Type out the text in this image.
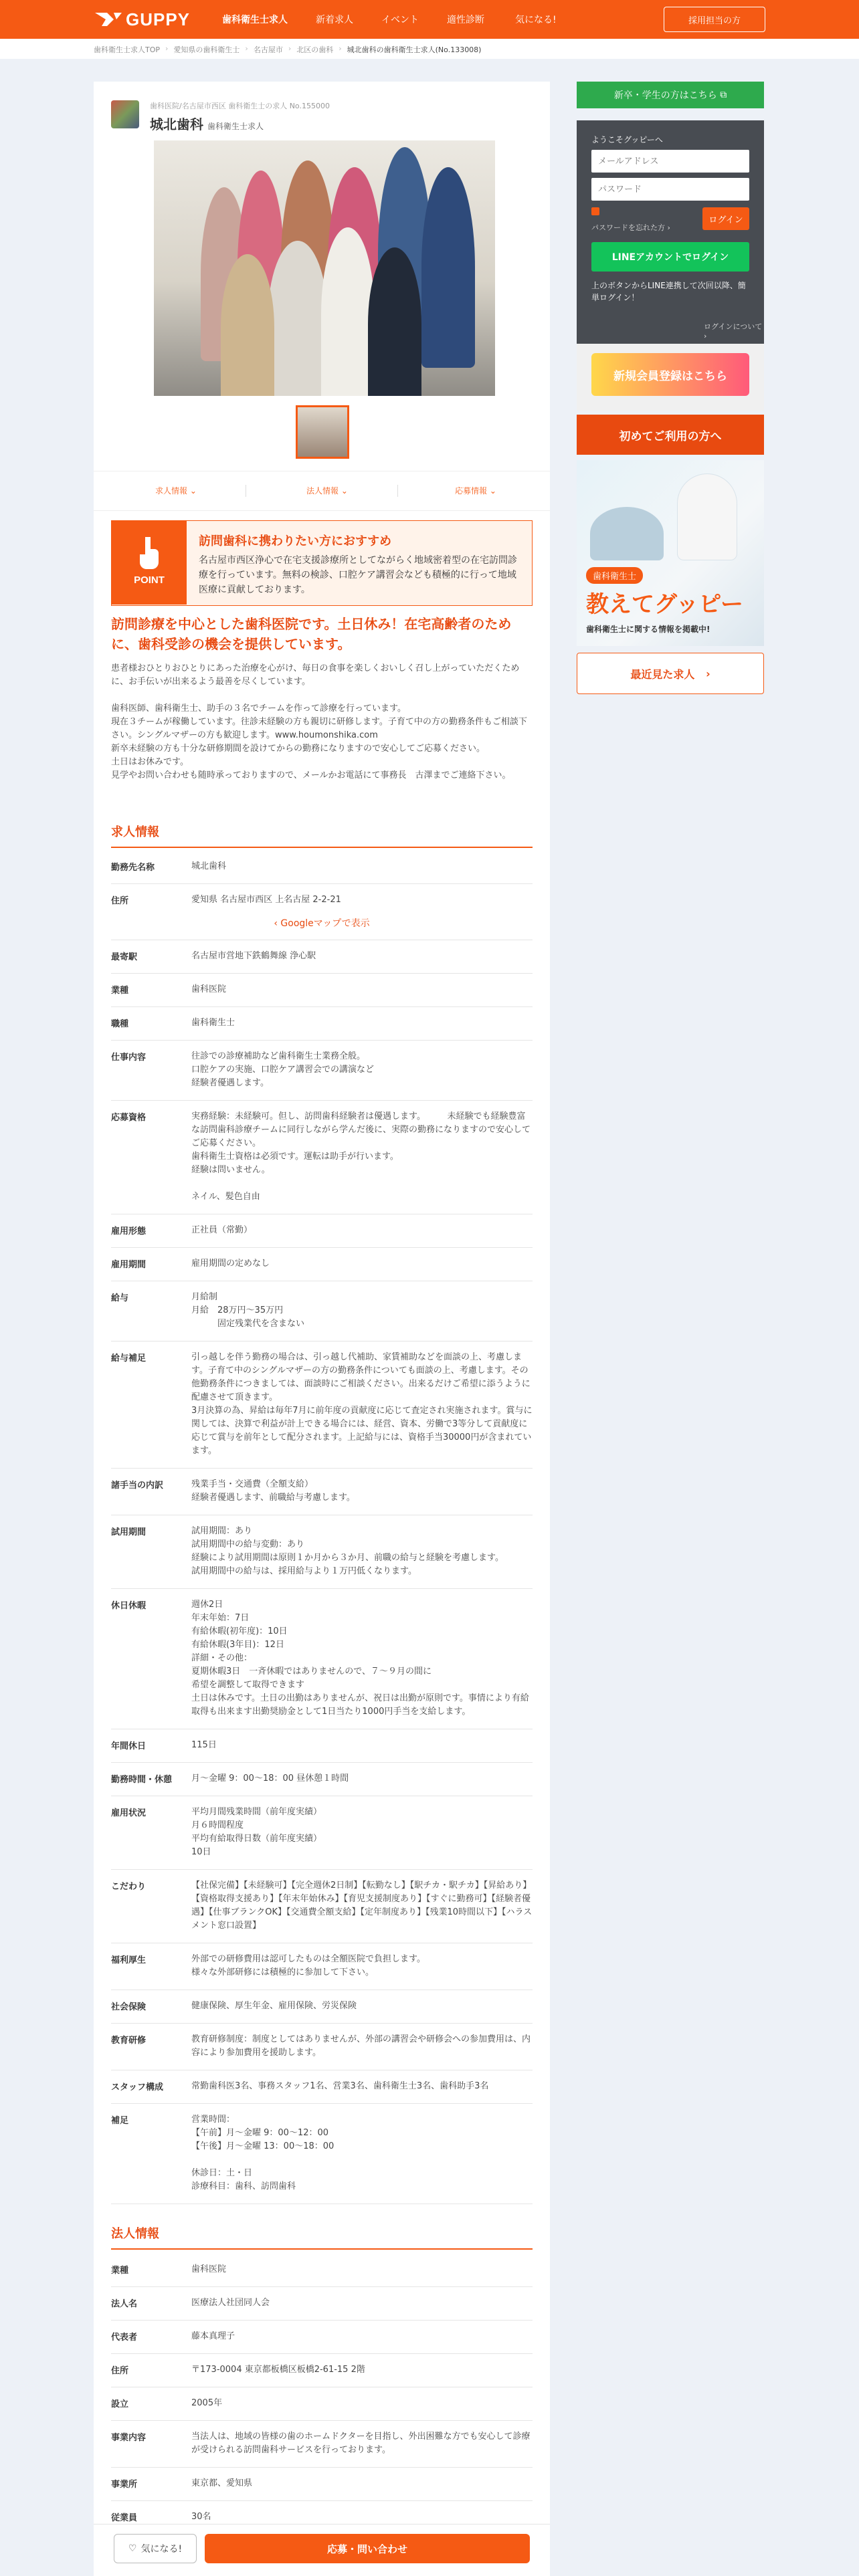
GUPPY	歯科衛生士求人	新着求人	イベント	適性診断	気になる!	採用担当の方
歯科衛生士求人TOP › 愛知県の歯科衛生士 › 名古屋市 › 北区の歯科 › 城北歯科の歯科衛生士求人(No.133008)
歯科医院/名古屋市西区 歯科衛生士の求人 No.155000
城北歯科 歯科衛生士求人
求人情報 ⌄	法人情報 ⌄	応募情報 ⌄
POINT
訪問歯科に携わりたい方におすすめ
名古屋市西区浄心で在宅支援診療所としてながらく地域密着型の在宅訪問診療を行っています。無料の検診、口腔ケア講習会なども積極的に行って地域医療に貢献しております。
訪問診療を中心とした歯科医院です。土日休み！在宅高齢者のために、歯科受診の機会を提供しています。
患者様おひとりおひとりにあった治療を心がけ、毎日の食事を楽しくおいしく召し上がっていただくために、お手伝いが出来るよう最善を尽くしています。

歯科医師、歯科衛生士、助手の３名でチームを作って診療を行っています。
現在３チームが稼働しています。往診未経験の方も親切に研修します。子育て中の方の勤務条件もご相談下さい。シングルマザーの方も歓迎します。www.houmonshika.com
新卒未経験の方も十分な研修期間を設けてからの勤務になりますので安心してご応募ください。
土日はお休みです。
見学やお問い合わせも随時承っておりますので、メールかお電話にて事務長　古澤までご連絡下さい。
求人情報
勤務先名称	城北歯科
住所	愛知県 名古屋市西区 上名古屋 2-2-21
‹ Googleマップで表示
最寄駅	名古屋市営地下鉄鶴舞線 浄心駅
業種	歯科医院
職種	歯科衛生士
仕事内容	往診での診療補助など歯科衛生士業務全般。
口腔ケアの実施、口腔ケア講習会での講演など
経験者優遇します。
応募資格	実務経験：未経験可。但し、訪問歯科経験者は優遇します。　　　未経験でも経験豊富な訪問歯科診療チームに同行しながら学んだ後に、実際の勤務になりますので安心してご応募ください。
歯科衛生士資格は必須です。運転は助手が行います。
経験は問いません。

ネイル、髪色自由
雇用形態	正社員（常勤）
雇用期間	雇用期間の定めなし
給与	月給制
月給　28万円〜35万円
　　　固定残業代を含まない
給与補足	引っ越しを伴う勤務の場合は、引っ越し代補助、家賃補助などを面談の上、考慮します。子育て中のシングルマザーの方の勤務条件についても面談の上、考慮します。その他勤務条件につきましては、面談時にご相談ください。出来るだけご希望に添うように配慮させて頂きます。
3月決算の為、昇給は毎年7月に前年度の貢献度に応じて査定され実施されます。賞与に関しては、決算で利益が計上できる場合には、経営、資本、労働で3等分して貢献度に応じて賞与を前年として配分されます。上記給与には、資格手当30000円が含まれています。
諸手当の内訳	残業手当・交通費（全額支給）
経験者優遇します、前職給与考慮します。
試用期間	試用期間：あり
試用期間中の給与変動：あり
経験により試用期間は原則１か月から３か月、前職の給与と経験を考慮します。
試用期間中の給与は、採用給与より１万円低くなります。
休日休暇	週休2日
年末年始：7日
有給休暇(初年度)：10日
有給休暇(3年目)：12日
詳細・その他：
夏期休暇3日　一斉休暇ではありませんので、７〜９月の間に
希望を調整して取得できます
土日は休みです。土日の出勤はありませんが、祝日は出勤が原則です。事情により有給取得も出来ます出勤奨励金として1日当たり1000円手当を支給します。
年間休日	115日
勤務時間・休憩	月〜金曜 9：00〜18：00 昼休憩１時間
雇用状況	平均月間残業時間（前年度実績）
月６時間程度
平均有給取得日数（前年度実績）
10日
こだわり	【社保完備】【未経験可】【完全週休2日制】【転勤なし】【駅チカ・駅チカ】【昇給あり】【資格取得支援あり】【年末年始休み】【育児支援制度あり】【すぐに勤務可】【経験者優遇】【仕事ブランクOK】【交通費全額支給】【定年制度あり】【残業10時間以下】【ハラスメント窓口設置】
福利厚生	外部での研修費用は認可したものは全額医院で負担します。
様々な外部研修には積極的に参加して下さい。
社会保険	健康保険、厚生年金、雇用保険、労災保険
教育研修	教育研修制度：制度としてはありませんが、外部の講習会や研修会への参加費用は、内容により参加費用を援助します。
スタッフ構成	常勤歯科医3名、事務スタッフ1名、営業3名、歯科衛生士3名、歯科助手3名
補足	営業時間：
【午前】月〜金曜 9：00〜12：00
【午後】月〜金曜 13：00〜18：00

休診日：土・日
診療科目：歯科、訪問歯科
法人情報
業種	歯科医院
法人名	医療法人社団同人会
代表者	藤本真理子
住所	〒173-0004 東京都板橋区板橋2-61-15 2階
設立	2005年
事業内容	当法人は、地域の皆様の歯のホームドクターを目指し、外出困難な方でも安心して診療が受けられる訪問歯科サービスを行っております。
事業所	東京都、愛知県
従業員	30名
新卒・学生の方はこちら
⧉
ようこそグッピーへ
メールアドレス
パスワード
パスワードを忘れた方 ›
ログイン
LINEアカウントでログイン
上のボタンからLINE連携して次回以降、簡単ログイン！
ログインについて ›
新規会員登録はこちら
初めてご利用の方へ
歯科衛生士
教えてグッピー
歯科衛生士に関する情報を掲載中!
最近見た求人
›
♡ 気になる!	応募・問い合わせ
